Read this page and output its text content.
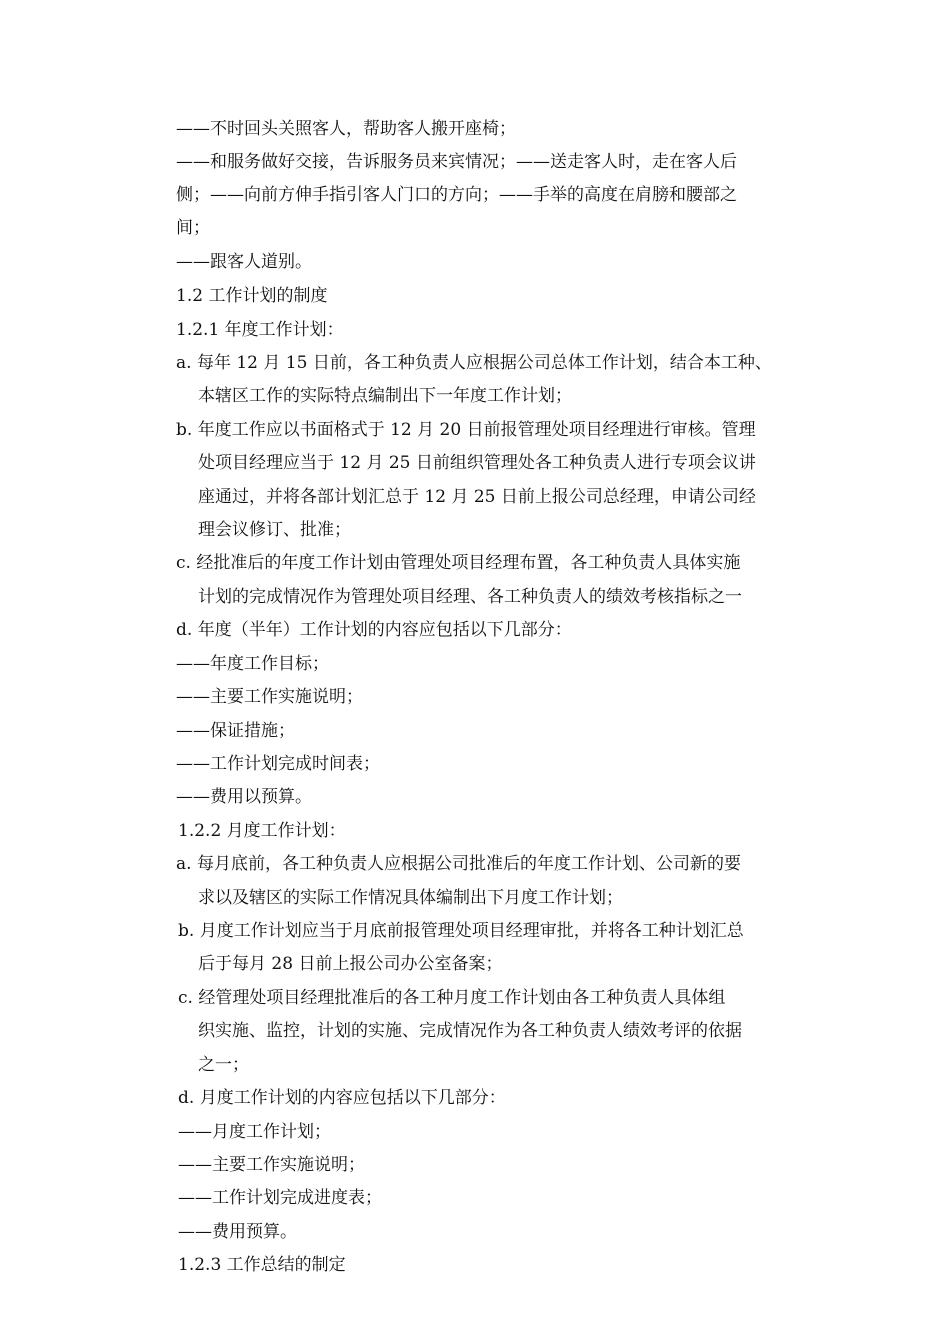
——不时回头关照客人，帮助客人搬开座椅；
——和服务做好交接，告诉服务员来宾情况；——送走客人时，走在客人后
侧；——向前方伸手指引客人门口的方向；——手举的高度在肩膀和腰部之
间；
——跟客人道别。
1.2 工作计划的制度
1.2.1 年度工作计划：
a. 每年 12 月 15 日前，各工种负责人应根据公司总体工作计划，结合本工种、
本辖区工作的实际特点编制出下一年度工作计划；
b. 年度工作应以书面格式于 12 月 20 日前报管理处项目经理进行审核。管理
处项目经理应当于 12 月 25 日前组织管理处各工种负责人进行专项会议讲
座通过，并将各部计划汇总于 12 月 25 日前上报公司总经理，申请公司经
理会议修订、批准；
c. 经批准后的年度工作计划由管理处项目经理布置，各工种负责人具体实施
计划的完成情况作为管理处项目经理、各工种负责人的绩效考核指标之一
d. 年度（半年）工作计划的内容应包括以下几部分：
——年度工作目标；
——主要工作实施说明；
——保证措施；
——工作计划完成时间表；
——费用以预算。
1.2.2 月度工作计划：
a. 每月底前，各工种负责人应根据公司批准后的年度工作计划、公司新的要
求以及辖区的实际工作情况具体编制出下月度工作计划；
b. 月度工作计划应当于月底前报管理处项目经理审批，并将各工种计划汇总
后于每月 28 日前上报公司办公室备案；
c. 经管理处项目经理批准后的各工种月度工作计划由各工种负责人具体组
织实施、监控，计划的实施、完成情况作为各工种负责人绩效考评的依据
之一；
d. 月度工作计划的内容应包括以下几部分：
——月度工作计划；
——主要工作实施说明；
——工作计划完成进度表；
——费用预算。
1.2.3 工作总结的制定
